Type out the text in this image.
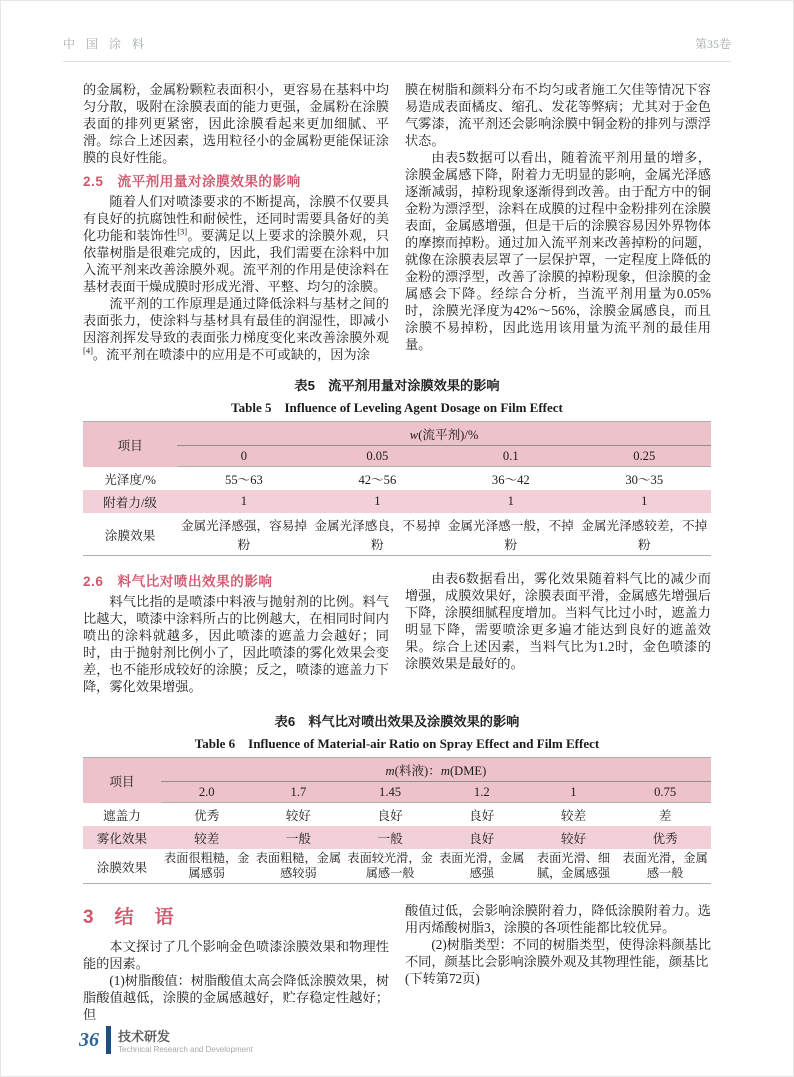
中 国 涂 料	第35卷

的金属粉，金属粉颗粒表面积小，更容易在基料中均匀分散，吸附在涂膜表面的能力更强，金属粉在涂膜表面的排列更紧密，因此涂膜看起来更加细腻、平滑。综合上述因素，选用粒径小的金属粉更能保证涂膜的良好性能。

2.5　流平剂用量对涂膜效果的影响

随着人们对喷漆要求的不断提高，涂膜不仅要具有良好的抗腐蚀性和耐候性，还同时需要具备好的美化功能和装饰性[3]。要满足以上要求的涂膜外观，只依靠树脂是很难完成的，因此，我们需要在涂料中加入流平剂来改善涂膜外观。流平剂的作用是使涂料在基材表面干燥成膜时形成光滑、平整、均匀的涂膜。

流平剂的工作原理是通过降低涂料与基材之间的表面张力，使涂料与基材具有最佳的润湿性，即减小因溶剂挥发导致的表面张力梯度变化来改善涂膜外观[4]。流平剂在喷漆中的应用是不可或缺的，因为涂

膜在树脂和颜料分布不均匀或者施工欠佳等情况下容易造成表面橘皮、缩孔、发花等弊病；尤其对于金色气雾漆，流平剂还会影响涂膜中铜金粉的排列与漂浮状态。

由表5数据可以看出，随着流平剂用量的增多，涂膜金属感下降，附着力无明显的影响，金属光泽感逐渐减弱，掉粉现象逐渐得到改善。由于配方中的铜金粉为漂浮型，涂料在成膜的过程中金粉排列在涂膜表面，金属感增强，但是干后的涂膜容易因外界物体的摩擦而掉粉。通过加入流平剂来改善掉粉的问题，就像在涂膜表层罩了一层保护罩，一定程度上降低的金粉的漂浮型，改善了涂膜的掉粉现象，但涂膜的金属感会下降。经综合分析，当流平剂用量为0.05%时，涂膜光泽度为42%～56%，涂膜金属感良，而且涂膜不易掉粉，因此选用该用量为流平剂的最佳用量。

表5　流平剂用量对涂膜效果的影响
Table 5　Influence of Leveling Agent Dosage on Film Effect
项目	w(流平剂)/%			
	0	0.05	0.1	0.25
光泽度/%	55～63	42～56	36～42	30～35
附着力/级	1	1	1	1
涂膜效果	金属光泽感强，容易掉粉	金属光泽感良，不易掉粉	金属光泽感一般，不掉粉	金属光泽感较差，不掉粉
2.6　料气比对喷出效果的影响

料气比指的是喷漆中料液与抛射剂的比例。料气比越大，喷漆中涂料所占的比例越大，在相同时间内喷出的涂料就越多，因此喷漆的遮盖力会越好；同时，由于抛射剂比例小了，因此喷漆的雾化效果会变差，也不能形成较好的涂膜；反之，喷漆的遮盖力下降，雾化效果增强。

由表6数据看出，雾化效果随着料气比的减少而增强，成膜效果好，涂膜表面平滑，金属感先增强后下降，涂膜细腻程度增加。当料气比过小时，遮盖力明显下降，需要喷涂更多遍才能达到良好的遮盖效果。综合上述因素，当料气比为1.2时，金色喷漆的涂膜效果是最好的。

表6　料气比对喷出效果及涂膜效果的影响
Table 6　Influence of Material-air Ratio on Spray Effect and Film Effect
项目	m(料液)：m(DME)					
	2.0	1.7	1.45	1.2	1	0.75
遮盖力	优秀	较好	良好	良好	较差	差
雾化效果	较差	一般	一般	良好	较好	优秀
涂膜效果	表面很粗糙，金属感弱	表面粗糙，金属感较弱	表面较光滑，金属感一般	表面光滑，金属感强	表面光滑、细腻，金属感强	表面光滑，金属感一般
3　结　语

本文探讨了几个影响金色喷漆涂膜效果和物理性能的因素。

(1)树脂酸值：树脂酸值太高会降低涂膜效果，树脂酸值越低，涂膜的金属感越好，贮存稳定性越好；但

酸值过低，会影响涂膜附着力，降低涂膜附着力。选用丙烯酸树脂3，涂膜的各项性能都比较优异。

(2)树脂类型：不同的树脂类型，使得涂料颜基比不同，颜基比会影响涂膜外观及其物理性能，颜基比

(下转第72页)

36 技术研发
Technical Research and Development
